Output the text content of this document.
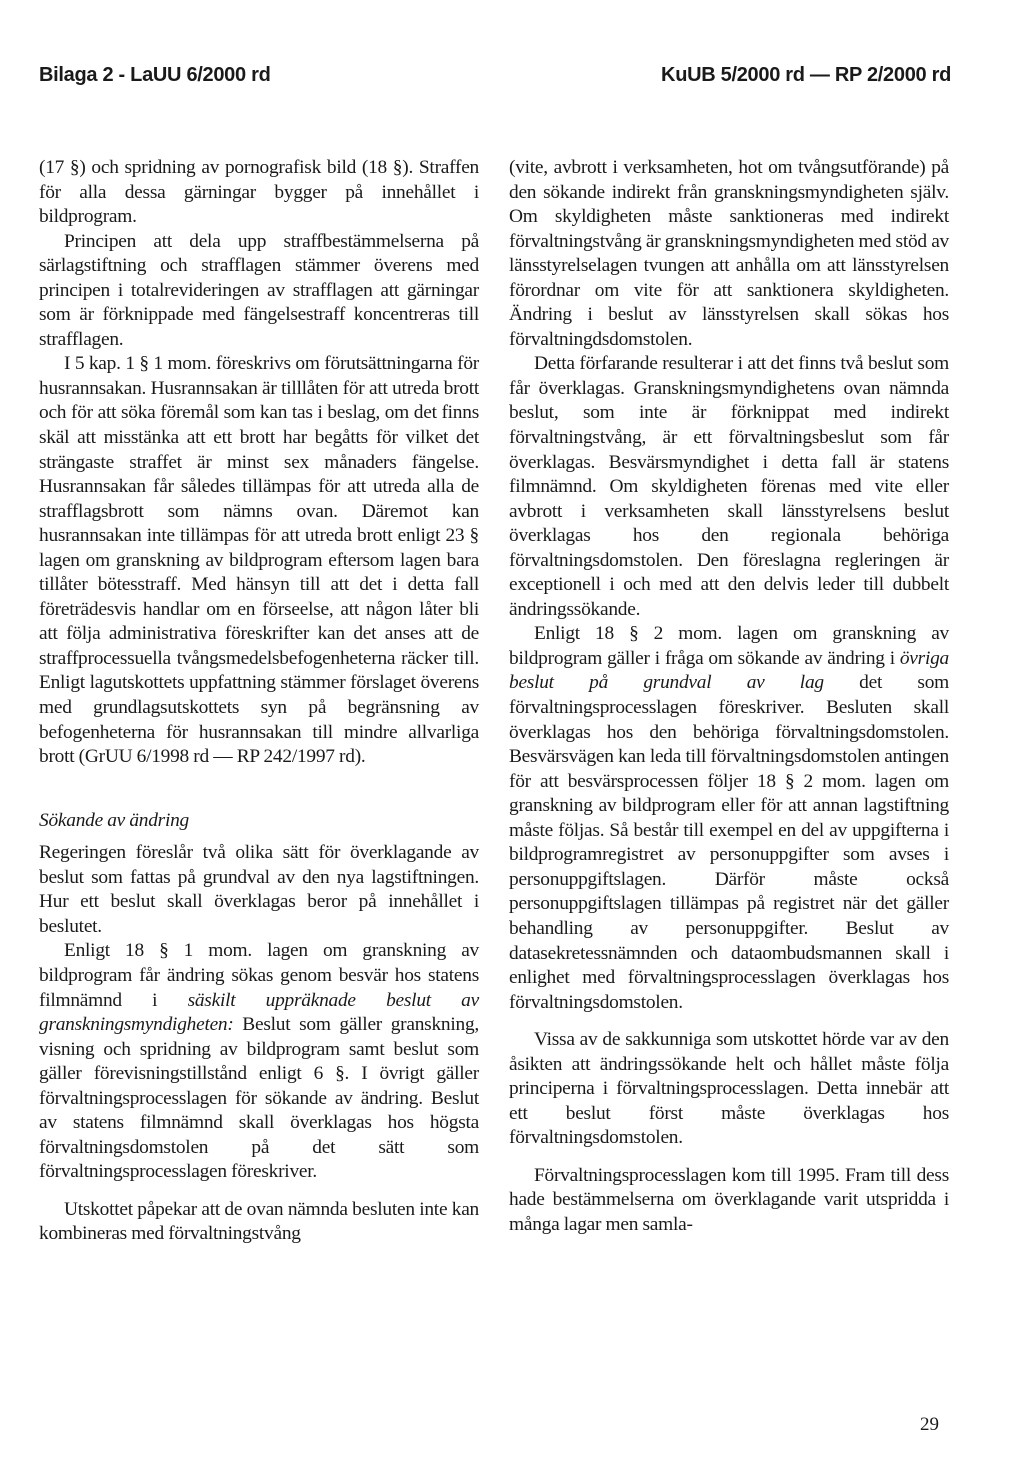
Bilaga 2 - LaUU 6/2000 rd	KuUB 5/2000 rd — RP 2/2000 rd

(17 §) och spridning av pornografisk bild (18 §). Straffen för alla dessa gärningar bygger på innehållet i bildprogram.

Principen att dela upp straffbestämmelserna på särlagstiftning och strafflagen stämmer överens med principen i totalrevideringen av strafflagen att gärningar som är förknippade med fängelsestraff koncentreras till strafflagen.

I 5 kap. 1 § 1 mom. föreskrivs om förutsättningarna för husrannsakan. Husrannsakan är tilllåten för att utreda brott och för att söka föremål som kan tas i beslag, om det finns skäl att misstänka att ett brott har begåtts för vilket det strängaste straffet är minst sex månaders fängelse. Husrannsakan får således tillämpas för att utreda alla de strafflagsbrott som nämns ovan. Däremot kan husrannsakan inte tillämpas för att utreda brott enligt 23 § lagen om granskning av bildprogram eftersom lagen bara tillåter bötesstraff. Med hänsyn till att det i detta fall företrädesvis handlar om en förseelse, att någon låter bli att följa administrativa föreskrifter kan det anses att de straffprocessuella tvångsmedelsbefogenheterna räcker till. Enligt lagutskottets uppfattning stämmer förslaget överens med grundlagsutskottets syn på begränsning av befogenheterna för husrannsakan till mindre allvarliga brott (GrUU 6/1998 rd — RP 242/1997 rd).

Sökande av ändring

Regeringen föreslår två olika sätt för överklagande av beslut som fattas på grundval av den nya lagstiftningen. Hur ett beslut skall överklagas beror på innehållet i beslutet.

Enligt 18 § 1 mom. lagen om granskning av bildprogram får ändring sökas genom besvär hos statens filmnämnd i säskilt uppräknade beslut av granskningsmyndigheten: Beslut som gäller granskning, visning och spridning av bildprogram samt beslut som gäller förevisningstillstånd enligt 6 §. I övrigt gäller förvaltningsprocesslagen för sökande av ändring. Beslut av statens filmnämnd skall överklagas hos högsta förvaltningsdomstolen på det sätt som förvaltningsprocesslagen föreskriver.

Utskottet påpekar att de ovan nämnda besluten inte kan kombineras med förvaltningstvång

(vite, avbrott i verksamheten, hot om tvångsutförande) på den sökande indirekt från granskningsmyndigheten själv. Om skyldigheten måste sanktioneras med indirekt förvaltningstvång är granskningsmyndigheten med stöd av länsstyrelselagen tvungen att anhålla om att länsstyrelsen förordnar om vite för att sanktionera skyldigheten. Ändring i beslut av länsstyrelsen skall sökas hos förvaltningdsdomstolen.

Detta förfarande resulterar i att det finns två beslut som får överklagas. Granskningsmyndighetens ovan nämnda beslut, som inte är förknippat med indirekt förvaltningstvång, är ett förvaltningsbeslut som får överklagas. Besvärsmyndighet i detta fall är statens filmnämnd. Om skyldigheten förenas med vite eller avbrott i verksamheten skall länsstyrelsens beslut överklagas hos den regionala behöriga förvaltningsdomstolen. Den föreslagna regleringen är exceptionell i och med att den delvis leder till dubbelt ändringssökande.

Enligt 18 § 2 mom. lagen om granskning av bildprogram gäller i fråga om sökande av ändring i övriga beslut på grundval av lag det som förvaltningsprocesslagen föreskriver. Besluten skall överklagas hos den behöriga förvaltningsdomstolen. Besvärsvägen kan leda till förvaltningsdomstolen antingen för att besvärsprocessen följer 18 § 2 mom. lagen om granskning av bildprogram eller för att annan lagstiftning måste följas. Så består till exempel en del av uppgifterna i bildprogramregistret av personuppgifter som avses i personuppgiftslagen. Därför måste också personuppgiftslagen tillämpas på registret när det gäller behandling av personuppgifter. Beslut av datasekretessnämnden och dataombudsmannen skall i enlighet med förvaltningsprocesslagen överklagas hos förvaltningsdomstolen.

Vissa av de sakkunniga som utskottet hörde var av den åsikten att ändringssökande helt och hållet måste följa principerna i förvaltningsprocesslagen. Detta innebär att ett beslut först måste överklagas hos förvaltningsdomstolen.

Förvaltningsprocesslagen kom till 1995. Fram till dess hade bestämmelserna om överklagande varit utspridda i många lagar men samla-

29
